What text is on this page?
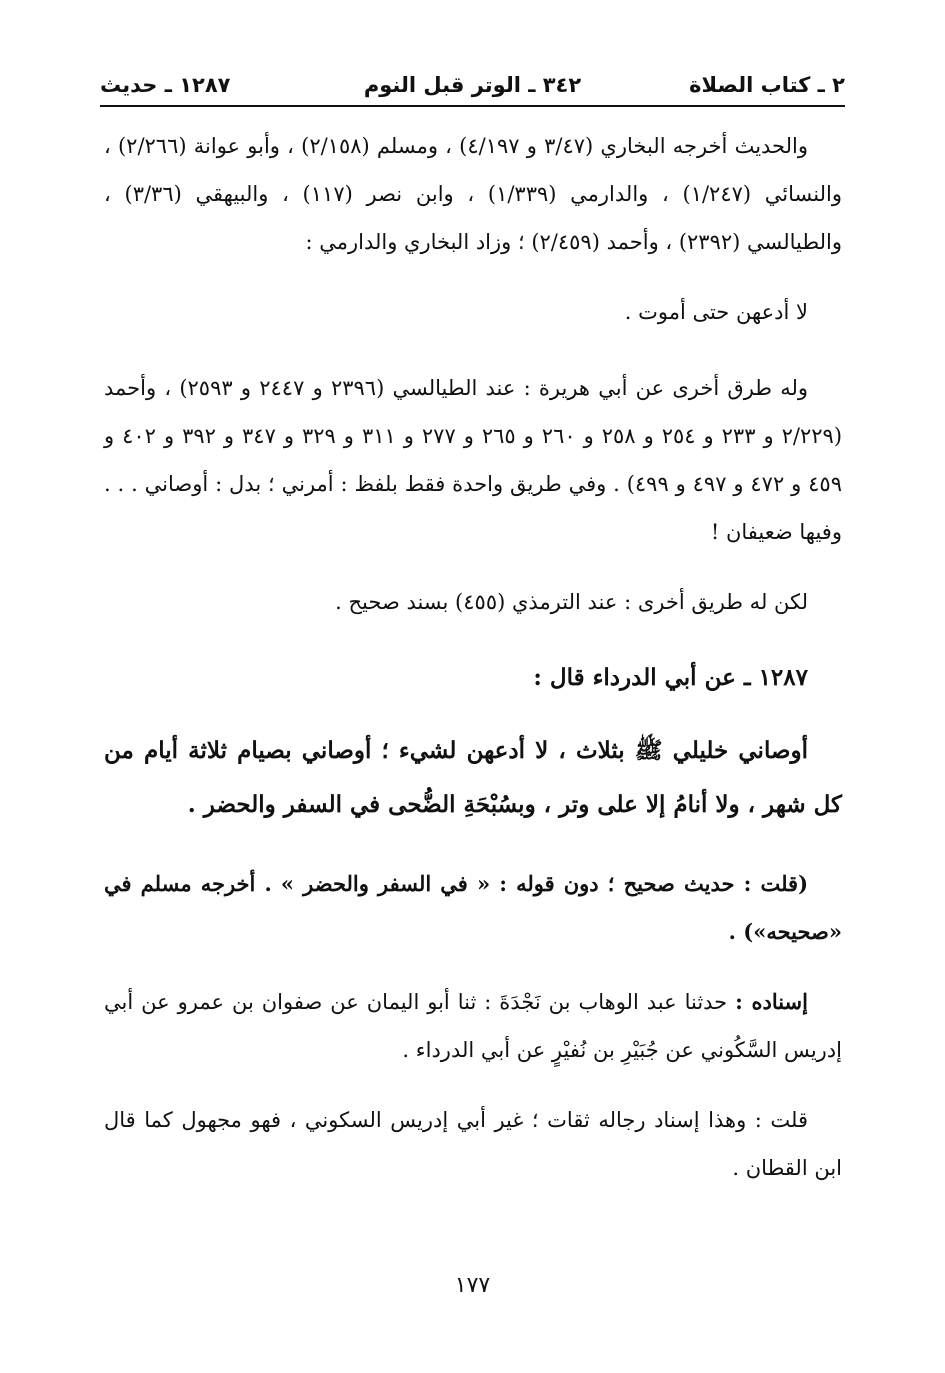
٢ ـ كتاب الصلاة
٣٤٢ ـ الوتر قبل النوم
١٢٨٧ ـ حديث

والحديث أخرجه البخاري (٣/٤٧ و ٤/١٩٧) ، ومسلم (٢/١٥٨) ، وأبو عوانة (٢/٢٦٦) ، والنسائي (١/٢٤٧) ، والدارمي (١/٣٣٩) ، وابن نصر (١١٧) ، والبيهقي (٣/٣٦) ، والطيالسي (٢٣٩٢) ، وأحمد (٢/٤٥٩) ؛ وزاد البخاري والدارمي :

لا أدعهن حتى أموت .

وله طرق أخرى عن أبي هريرة : عند الطيالسي (٢٣٩٦ و ٢٤٤٧ و ٢٥٩٣) ، وأحمد (٢/٢٢٩ و ٢٣٣ و ٢٥٤ و ٢٥٨ و ٢٦٠ و ٢٦٥ و ٢٧٧ و ٣١١ و ٣٢٩ و ٣٤٧ و ٣٩٢ و ٤٠٢ و ٤٥٩ و ٤٧٢ و ٤٩٧ و ٤٩٩) . وفي طريق واحدة فقط بلفظ : أمرني ؛ بدل : أوصاني . . . وفيها ضعيفان !

لكن له طريق أخرى : عند الترمذي (٤٥٥) بسند صحيح .

١٢٨٧ ـ عن أبي الدرداء قال :

أوصاني خليلي ﷺ بثلاث ، لا أدعهن لشيء ؛ أوصاني بصيام ثلاثة أيام من كل شهر ، ولا أنامُ إلا على وتر ، وبسُبْحَةِ الضُّحى في السفر والحضر .

(قلت : حديث صحيح ؛ دون قوله : « في السفر والحضر » . أخرجه مسلم في «صحيحه») .

إسناده : حدثنا عبد الوهاب بن نَجْدَةَ : ثنا أبو اليمان عن صفوان بن عمرو عن أبي إدريس السَّكُوني عن جُبَيْرِ بن نُفيْرٍ عن أبي الدرداء .

قلت : وهذا إسناد رجاله ثقات ؛ غير أبي إدريس السكوني ، فهو مجهول كما قال ابن القطان .

١٧٧
